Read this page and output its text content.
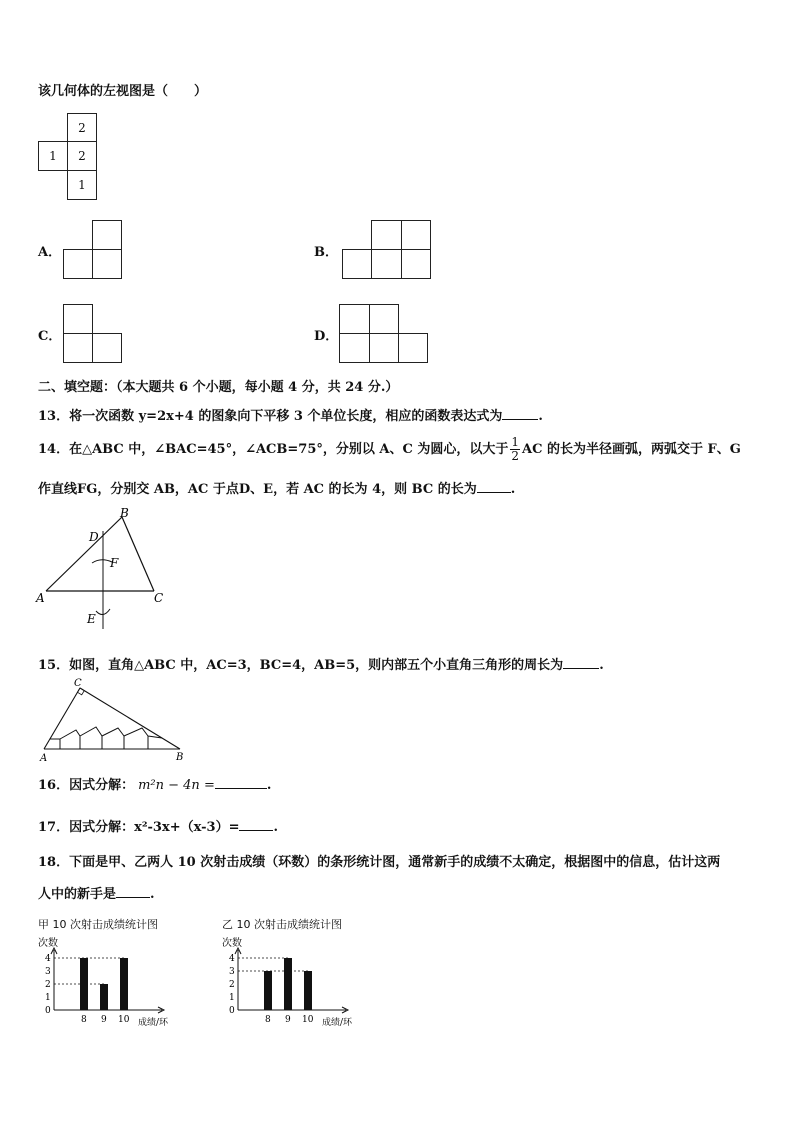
该几何体的左视图是（　　）
2
1	2
1
A．	B．
C．	D．
二、填空题：（本大题共 6 个小题，每小题 4 分，共 24 分.）
13．将一次函数 y=2x+4 的图象向下平移 3 个单位长度，相应的函数表达式为	.
14．在△ABC 中，∠BAC=45°，∠ACB=75°，分别以 A、C 为圆心，以大于 $\frac{1}{2}$ AC 的长为半径画弧，两弧交于 F、G
作直线FG，分别交 AB，AC 于点D、E，若 AC 的长为 4，则 BC 的长为	.
A
B
C
D
E
F
15．如图，直角△ABC 中，AC=3，BC=4，AB=5，则内部五个小直角三角形的周长为	.
A
C
B
16．因式分解： m²n − 4n =	.
17．因式分解：x²-3x+（x-3）=	.
18．下面是甲、乙两人 10 次射击成绩（环数）的条形统计图，通常新手的成绩不太确定，根据图中的信息，估计这两
人中的新手是	.
甲 10 次射击成绩统计图
次数
0
1
2
3
4
8 9 10 成绩/环
乙 10 次射击成绩统计图
次数
0
1
2
3
4
8 9 10 成绩/环
